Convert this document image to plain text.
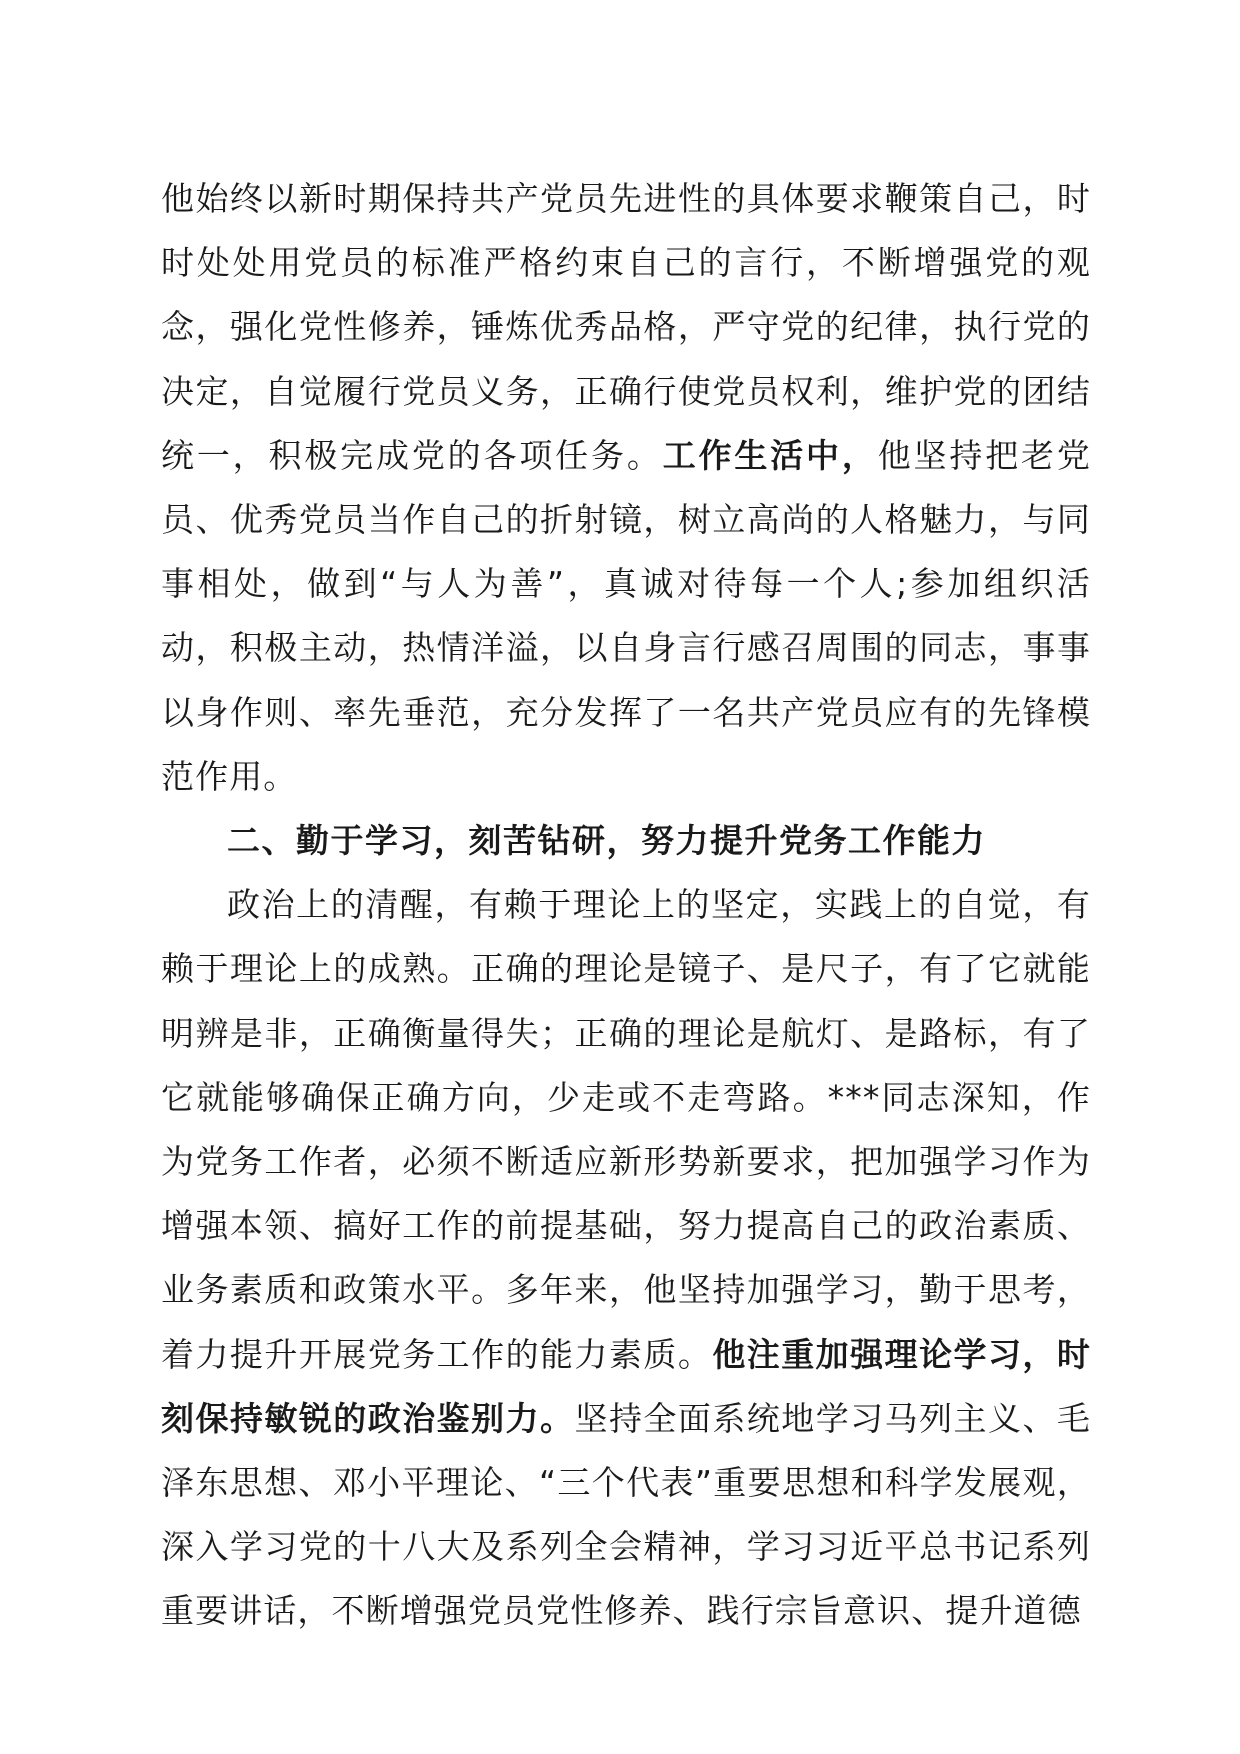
他始终以新时期保持共产党员先进性的具体要求鞭策自己，时时处处用党员的标准严格约束自己的言行，不断增强党的观念，强化党性修养，锤炼优秀品格，严守党的纪律，执行党的决定，自觉履行党员义务，正确行使党员权利，维护党的团结统一，积极完成党的各项任务。工作生活中，他坚持把老党员、优秀党员当作自己的折射镜，树立高尚的人格魅力，与同事相处，做到“与人为善”，真诚对待每一个人;参加组织活动，积极主动，热情洋溢，以自身言行感召周围的同志，事事以身作则、率先垂范，充分发挥了一名共产党员应有的先锋模范作用。

二、勤于学习，刻苦钻研，努力提升党务工作能力

政治上的清醒，有赖于理论上的坚定，实践上的自觉，有赖于理论上的成熟。正确的理论是镜子、是尺子，有了它就能明辨是非，正确衡量得失；正确的理论是航灯、是路标，有了它就能够确保正确方向，少走或不走弯路。***同志深知，作为党务工作者，必须不断适应新形势新要求，把加强学习作为增强本领、搞好工作的前提基础，努力提高自己的政治素质、业务素质和政策水平。多年来，他坚持加强学习，勤于思考，着力提升开展党务工作的能力素质。他注重加强理论学习，时刻保持敏锐的政治鉴别力。坚持全面系统地学习马列主义、毛泽东思想、邓小平理论、“三个代表”重要思想和科学发展观，深入学习党的十八大及系列全会精神，学习习近平总书记系列重要讲话，不断增强党员党性修养、践行宗旨意识、提升道德
